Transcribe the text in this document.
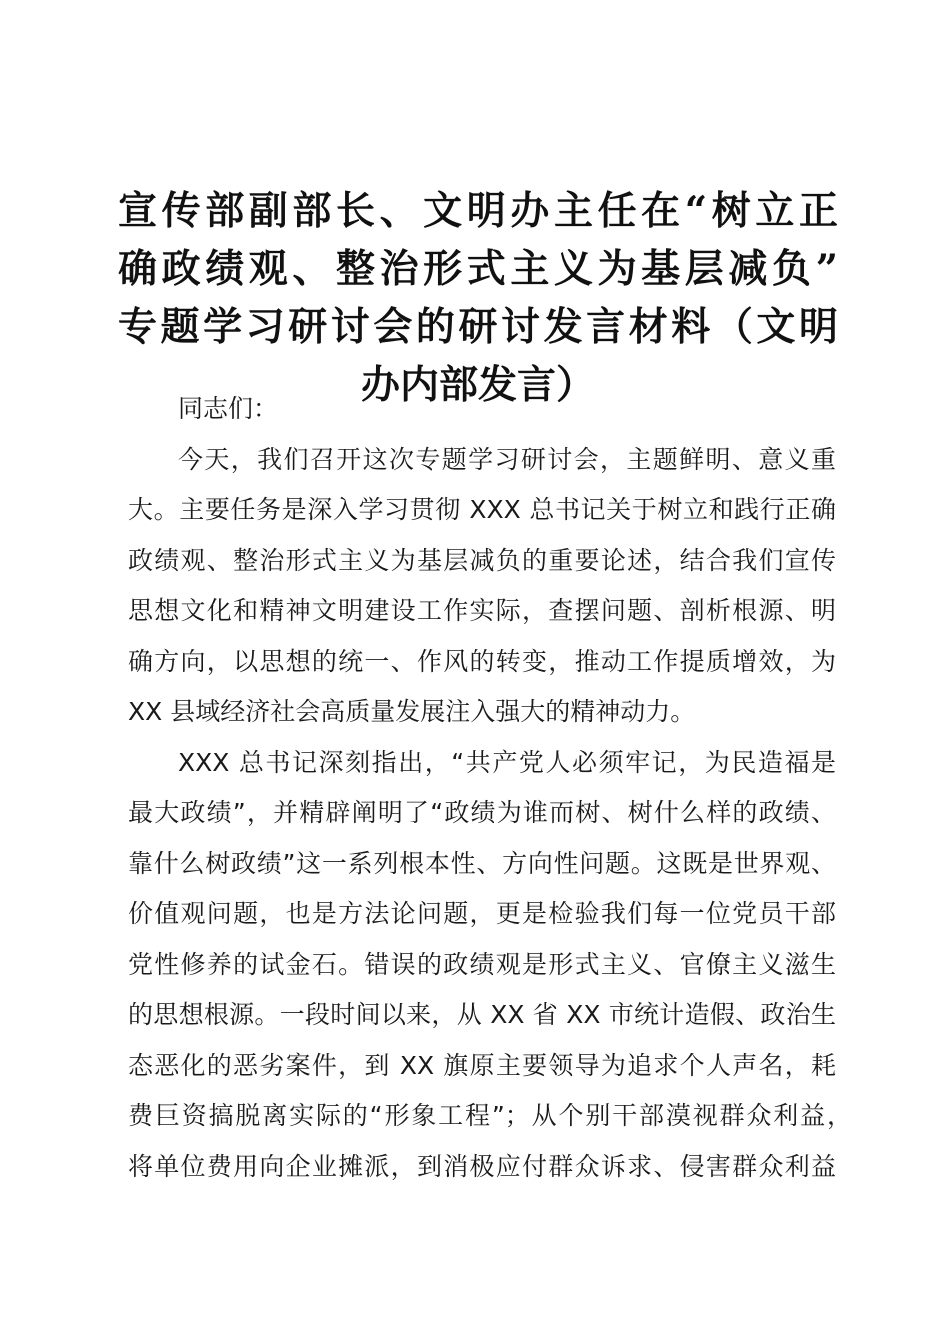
宣传部副部长、文明办主任在“树立正
确政绩观、整治形式主义为基层减负”
专题学习研讨会的研讨发言材料（文明
办内部发言）
同志们：
今天，我们召开这次专题学习研讨会，主题鲜明、意义重
大。主要任务是深入学习贯彻 XXX 总书记关于树立和践行正确
政绩观、整治形式主义为基层减负的重要论述，结合我们宣传
思想文化和精神文明建设工作实际，查摆问题、剖析根源、明
确方向，以思想的统一、作风的转变，推动工作提质增效，为
XX 县域经济社会高质量发展注入强大的精神动力。
XXX 总书记深刻指出，“共产党人必须牢记，为民造福是
最大政绩”，并精辟阐明了“政绩为谁而树、树什么样的政绩、
靠什么树政绩”这一系列根本性、方向性问题。这既是世界观、
价值观问题，也是方法论问题，更是检验我们每一位党员干部
党性修养的试金石。错误的政绩观是形式主义、官僚主义滋生
的思想根源。一段时间以来，从 XX 省 XX 市统计造假、政治生
态恶化的恶劣案件，到 XX 旗原主要领导为追求个人声名，耗
费巨资搞脱离实际的“形象工程”；从个别干部漠视群众利益，
将单位费用向企业摊派，到消极应付群众诉求、侵害群众利益
